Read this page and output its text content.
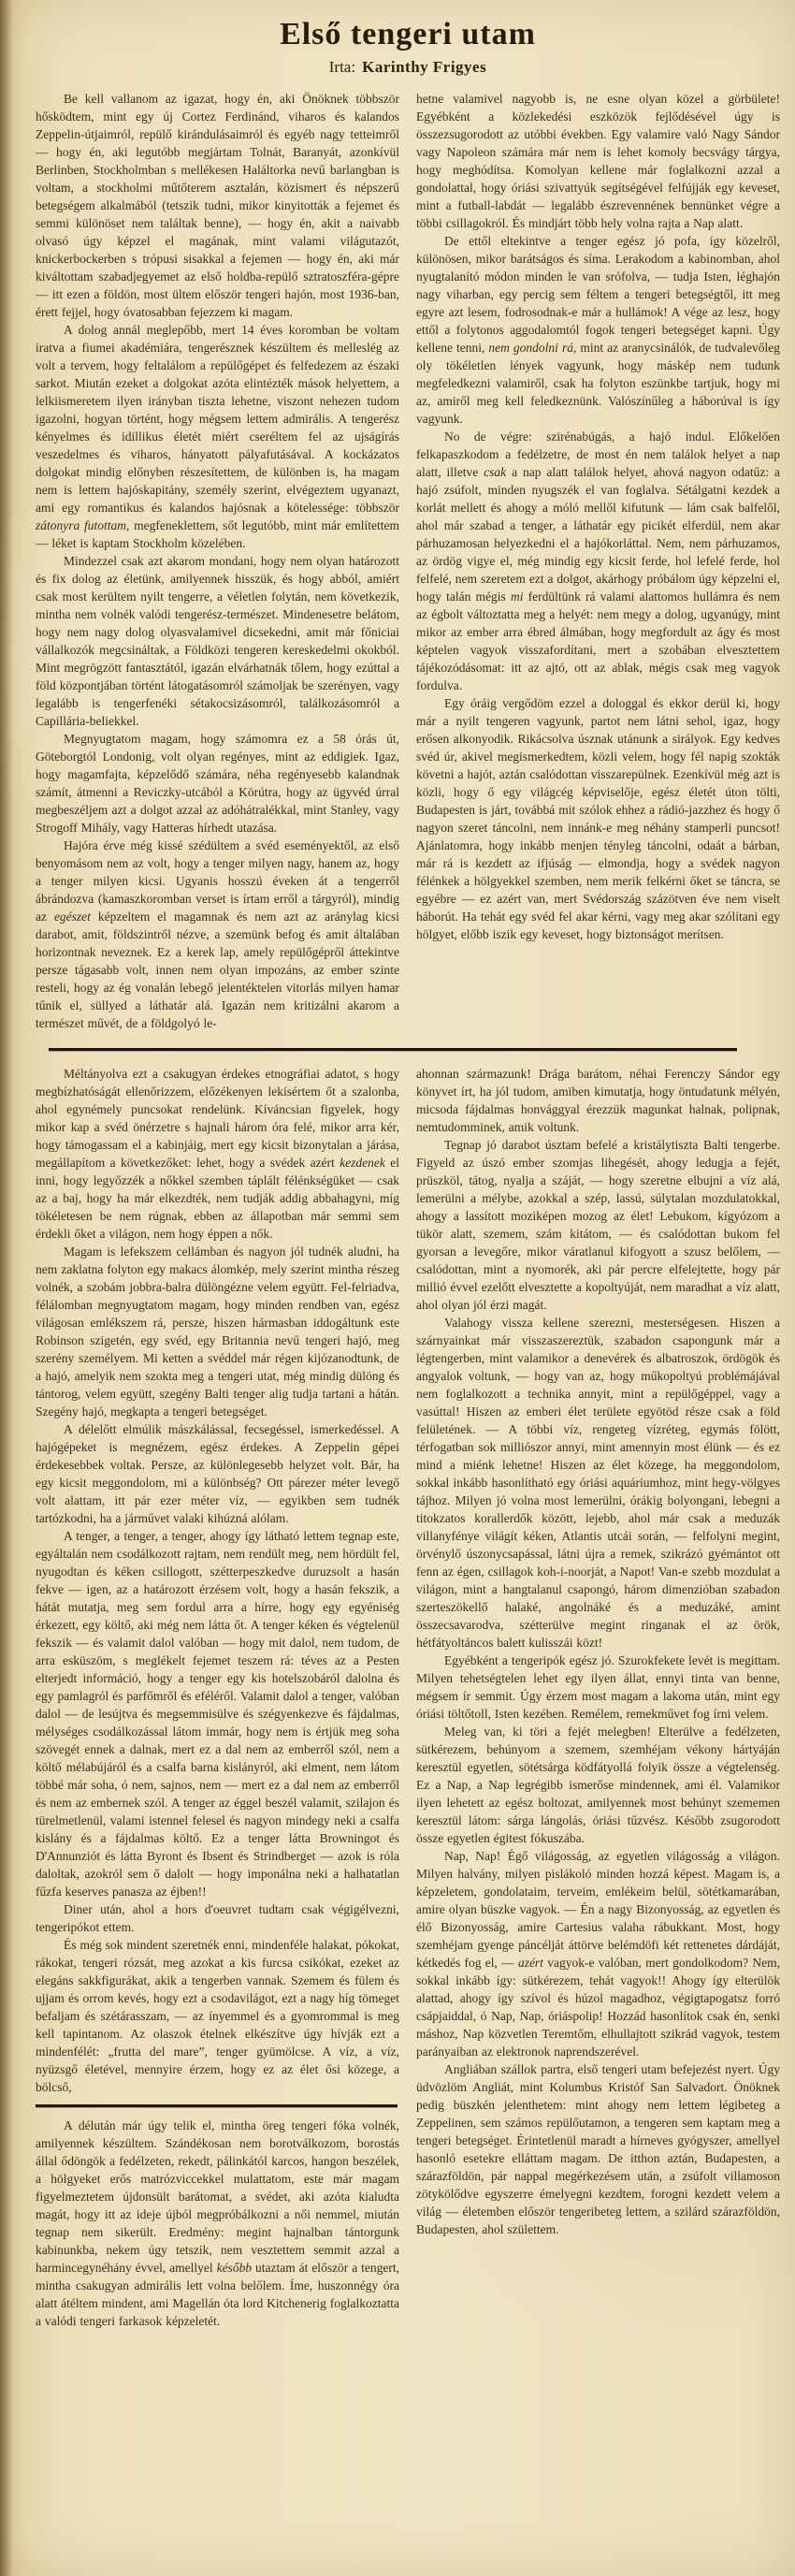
Első tengeri utam

Irta: Karinthy Frigyes

Be kell vallanom az igazat, hogy én, aki Önöknek többször hősködtem, mint egy új Cortez Ferdinánd, viharos és kalandos Zeppelin-útjaimról, repülő kirándulásaimról és egyéb nagy tetteimről — hogy én, aki legutóbb megjártam Tolnát, Baranyát, azonkívül Berlinben, Stockholmban s mellékesen Haláltorka nevű barlangban is voltam, a stockholmi műtőterem asztalán, közismert és népszerű betegségem alkalmából (tetszik tudni, mikor kinyitották a fejemet és semmi különöset nem találtak benne), — hogy én, akit a naivabb olvasó úgy képzel el magának, mint valami világutazót, knickerbockerben s trópusi sisakkal a fejemen — hogy én, aki már kiváltottam szabadjegyemet az első holdba-repülő sztratoszféra-gépre — itt ezen a földön, most ültem először tengeri hajón, most 1936-ban, érett fejjel, hogy óvatosabban fejezzem ki magam.

A dolog annál meglepőbb, mert 14 éves koromban be voltam iratva a fiumei akadémiára, tengerésznek készültem és melleslég az volt a tervem, hogy feltalálom a repülőgépet és felfedezem az északi sarkot. Miután ezeket a dolgokat azóta elintézték mások helyettem, a lelkiismeretem ilyen irányban tiszta lehetne, viszont nehezen tudom igazolni, hogyan történt, hogy mégsem lettem admirális. A tengerész kényelmes és idillikus életét miért cseréltem fel az ujságírás veszedelmes és viharos, hányatott pályafutásával. A kockázatos dolgokat mindig előnyben részesítettem, de különben is, ha magam nem is lettem hajóskapitány, személy szerint, elvégeztem ugyanazt, ami egy romantikus és kalandos hajósnak a kötelessége: többször zátonyra futottam, megfeneklettem, sőt legutóbb, mint már említettem — léket is kaptam Stockholm közelében.

Mindezzel csak azt akarom mondani, hogy nem olyan határozott és fix dolog az életünk, amilyennek hisszük, és hogy abból, amiért csak most kerültem nyilt tengerre, a véletlen folytán, nem következik, mintha nem volnék valódi tengerész-természet. Mindenesetre belátom, hogy nem nagy dolog olyasvalamivel dicsekedni, amit már főniciai vállalkozók megcsináltak, a Földközi tengeren kereskedelmi okokból. Mint megrögzött fantasztától, igazán elvárhatnák tőlem, hogy ezúttal a föld központjában történt látogatásomról számoljak be szerényen, vagy legalább is tengerfenéki sétakocsizásomról, találkozásomról a Capillária-beliekkel.

Megnyugtatom magam, hogy számomra ez a 58 órás út, Göteborgtól Londonig, volt olyan regényes, mint az eddigiek. Igaz, hogy magamfajta, képzelődő számára, néha regényesebb kalandnak számít, átmenni a Reviczky-utcából a Körútra, hogy az ügyvéd úrral megbeszéljem azt a dolgot azzal az adóhátralékkal, mint Stanley, vagy Strogoff Mihály, vagy Hatteras hírhedt utazása.

Hajóra érve még kissé szédültem a svéd eseményektől, az első benyomásom nem az volt, hogy a tenger milyen nagy, hanem az, hogy a tenger milyen kicsi. Ugyanis hosszú éveken át a tengerről ábrándozva (kamaszkoromban verset is írtam erről a tárgyról), mindig az egészet képzeltem el magamnak és nem azt az aránylag kicsi darabot, amit, földszintről nézve, a szemünk befog és amit általában horizontnak neveznek. Ez a kerek lap, amely repülőgépről áttekintve persze tágasabb volt, innen nem olyan impozáns, az ember szinte resteli, hogy az ég vonalán lebegő jelentéktelen vitorlás milyen hamar tűnik el, süllyed a láthatár alá. Igazán nem kritizálni akarom a természet művét, de a földgolyó le-

hetne valamivel nagyobb is, ne esne olyan közel a görbülete! Egyébként a közlekedési eszközök fejlődésével úgy is összezsugorodott az utóbbi években. Egy valamire való Nagy Sándor vagy Napoleon számára már nem is lehet komoly becsvágy tárgya, hogy meghódítsa. Komolyan kellene már foglalkozni azzal a gondolattal, hogy óriási szivattyúk segítségével felfújják egy keveset, mint a futball-labdát — legalább észrevennének bennünket végre a többi csillagokról. És mindjárt több hely volna rajta a Nap alatt.

De ettől eltekintve a tenger egész jó pofa, így közelről, különösen, mikor barátságos és síma. Lerakodom a kabinomban, ahol nyugtalanító módon minden le van srófolva, — tudja Isten, léghajón nagy viharban, egy percig sem féltem a tengeri betegségtől, itt meg egyre azt lesem, fodrosodnak-e már a hullámok! A vége az lesz, hogy ettől a folytonos aggodalomtól fogok tengeri betegséget kapni. Úgy kellene tenni, nem gondolni rá, mint az aranycsinálók, de tudvalevőleg oly tökéletlen lények vagyunk, hogy máskép nem tudunk megfeledkezni valamiről, csak ha folyton eszünkbe tartjuk, hogy mi az, amiről meg kell feledkeznünk. Valószínűleg a háborúval is így vagyunk.

No de végre: szirénabúgás, a hajó indul. Előkelően felkapaszkodom a fedélzetre, de most én nem találok helyet a nap alatt, illetve csak a nap alatt találok helyet, ahová nagyon odatűz: a hajó zsúfolt, minden nyugszék el van foglalva. Sétálgatni kezdek a korlát mellett és ahogy a móló mellől kifutunk — lám csak balfelől, ahol már szabad a tenger, a láthatár egy picikét elferdül, nem akar párhuzamosan helyezkedni el a hajókorláttal. Nem, nem párhuzamos, az ördög vigye el, még mindig egy kicsit ferde, hol lefelé ferde, hol felfelé, nem szeretem ezt a dolgot, akárhogy próbálom úgy képzelni el, hogy talán mégis mi ferdültünk rá valami alattomos hullámra és nem az égbolt változtatta meg a helyét: nem megy a dolog, ugyanúgy, mint mikor az ember arra ébred álmában, hogy megfordult az ágy és most képtelen vagyok visszafordítani, mert a szobában elvesztettem tájékozódásomat: itt az ajtó, ott az ablak, mégis csak meg vagyok fordulva.

Egy óráig vergődöm ezzel a dologgal és ekkor derül ki, hogy már a nyilt tengeren vagyunk, partot nem látni sehol, igaz, hogy erősen alkonyodik. Rikácsolva úsznak utánunk a sirályok. Egy kedves svéd úr, akivel megismerkedtem, közli velem, hogy fél napig szokták követni a hajót, aztán csalódottan visszarepülnek. Ezenkívül még azt is közli, hogy ő egy világcég képviselője, egész életét úton tölti, Budapesten is járt, továbbá mit szólok ehhez a rádió-jazzhez és hogy ő nagyon szeret táncolni, nem innánk-e meg néhány stamperli puncsot! Ajánlatomra, hogy inkább menjen tényleg táncolni, odaát a bárban, már rá is kezdett az ifjúság — elmondja, hogy a svédek nagyon félénkek a hölgyekkel szemben, nem merik felkérni őket se táncra, se egyébre — ez azért van, mert Svédország százötven éve nem viselt háborút. Ha tehát egy svéd fel akar kérni, vagy meg akar szólítani egy hölgyet, előbb iszik egy keveset, hogy biztonságot merítsen.

Méltányolva ezt a csakugyan érdekes etnográfiai adatot, s hogy megbízhatóságát ellenőrizzem, előzékenyen lekísértem őt a szalonba, ahol egynémely puncsokat rendelünk. Kíváncsian figyelek, hogy mikor kap a svéd önérzetre s hajnali három óra felé, mikor arra kér, hogy támogassam el a kabinjáig, mert egy kicsit bizonytalan a járása, megállapítom a következőket: lehet, hogy a svédek azért kezdenek el inni, hogy legyőzzék a nőkkel szemben táplált félénkségüket — csak az a baj, hogy ha már elkezdték, nem tudják addig abbahagyni, míg tökéletesen be nem rúgnak, ebben az állapotban már semmi sem érdekli őket a világon, nem hogy éppen a nők.

Magam is lefekszem cellámban és nagyon jól tudnék aludni, ha nem zaklatna folyton egy makacs álomkép, mely szerint mintha részeg volnék, a szobám jobbra-balra dülöngézne velem együtt. Fel-felriadva, félálomban megnyugtatom magam, hogy minden rendben van, egész világosan emlékszem rá, persze, hiszen hármasban iddogáltunk este Robinson szigetén, egy svéd, egy Britannia nevű tengeri hajó, meg szerény személyem. Mi ketten a svéddel már régen kijózanodtunk, de a hajó, amelyik nem szokta meg a tengeri utat, még mindig dülöng és tántorog, velem együtt, szegény Balti tenger alig tudja tartani a hátán. Szegény hajó, megkapta a tengeri betegséget.

A délelőtt elmúlik mászkálással, fecsegéssel, ismerkedéssel. A hajógépeket is megnézem, egész érdekes. A Zeppelin gépei érdekesebbek voltak. Persze, az különlegesebb helyzet volt. Bár, ha egy kicsit meggondolom, mi a különbség? Ott párezer méter levegő volt alattam, itt pár ezer méter víz, — egyikben sem tudnék tartózkodni, ha a járművet valaki kihúzná alólam.

A tenger, a tenger, a tenger, ahogy így látható lettem tegnap este, egyáltalán nem csodálkozott rajtam, nem rendült meg, nem hördült fel, nyugodtan és kéken csillogott, szétterpeszkedve duruzsolt a hasán fekve — igen, az a határozott érzésem volt, hogy a hasán fekszik, a hátát mutatja, meg sem fordul arra a hírre, hogy egy egyéniség érkezett, egy költő, aki még nem látta őt. A tenger kéken és végtelenül fekszik — és valamit dalol valóban — hogy mit dalol, nem tudom, de arra esküszöm, s meglékelt fejemet teszem rá: téves az a Pesten elterjedt információ, hogy a tenger egy kis hotelszobáról dalolna és egy pamlagról és parfőmről és eféléről. Valamit dalol a tenger, valóban dalol — de lesújtva és megsemmisülve és szégyenkezve és fájdalmas, mélységes csodálkozással látom immár, hogy nem is értjük meg soha szövegét ennek a dalnak, mert ez a dal nem az emberről szól, nem a költő mélabújáról és a csalfa barna kislányról, aki elment, nem látom többé már soha, ó nem, sajnos, nem — mert ez a dal nem az emberről és nem az embernek szól. A tenger az éggel beszél valamit, szilajon és türelmetlenül, valami istennel felesel és nagyon mindegy neki a csalfa kislány és a fájdalmas költő. Ez a tenger látta Browningot és D'Annunziót és látta Byront és Ibsent és Strindberget — azok is róla daloltak, azokról sem ő dalolt — hogy imponálna neki a halhatatlan fűzfa keserves panasza az éjben!!

Diner után, ahol a hors d'oeuvret tudtam csak végigélvezni, tengeripókot ettem.

És még sok mindent szeretnék enni, mindenféle halakat, pókokat, rákokat, tengeri rózsát, meg azokat a kis furcsa csikókat, ezeket az elegáns sakkfigurákat, akik a tengerben vannak. Szemem és fülem és ujjam és orrom kevés, hogy ezt a csodavilágot, ezt a nagy híg tömeget befaljam és szétárasszam, — az ínyemmel és a gyomrommal is meg kell tapintanom. Az olaszok ételnek elkészítve úgy hívják ezt a mindenfélét: „frutta del mare”, tenger gyümölcse. A víz, a víz, nyüzsgő életével, mennyire érzem, hogy ez az élet ősi közege, a bölcső,

A délután már úgy telik el, mintha öreg tengeri fóka volnék, amilyennek készültem. Szándékosan nem borotválkozom, borostás állal ődöngök a fedélzeten, rekedt, pálinkától karcos, hangon beszélek, a hölgyeket erős matrózviccekkel mulattatom, este már magam figyelmeztetem újdonsült barátomat, a svédet, aki azóta kialudta magát, hogy itt az ideje újból megpróbálkozni a női nemmel, miután tegnap nem sikerült. Eredmény: megint hajnalban tántorgunk kabinunkba, nekem úgy tetszik, nem vesztettem semmit azzal a harmincegynéhány évvel, amellyel később utaztam át először a tengert, mintha csakugyan admirális lett volna belőlem. Íme, huszonnégy óra alatt átéltem mindent, ami Magellán óta lord Kitchenerig foglalkoztatta a valódi tengeri farkasok képzeletét.

ahonnan származunk! Drága barátom, néhai Ferenczy Sándor egy könyvet írt, ha jól tudom, amiben kimutatja, hogy öntudatunk mélyén, micsoda fájdalmas honvággyal érezzük magunkat halnak, polipnak, nemtudomminek, amik voltunk.

Tegnap jó darabot úsztam befelé a kristálytiszta Balti tengerbe. Figyeld az úszó ember szomjas lihegését, ahogy ledugja a fejét, prüszköl, tátog, nyalja a száját, — hogy szeretne elbujni a víz alá, lemerülni a mélybe, azokkal a szép, lassú, súlytalan mozdulatokkal, ahogy a lassított moziképen mozog az élet! Lebukom, kígyózom a tükör alatt, szemem, szám kitátom, — és csalódottan bukom fel gyorsan a levegőre, mikor váratlanul kifogyott a szusz belőlem, — csalódottan, mint a nyomorék, aki pár percre elfelejtette, hogy pár millió évvel ezelőtt elvesztette a kopoltyúját, nem maradhat a víz alatt, ahol olyan jól érzi magát.

Valahogy vissza kellene szerezni, mesterségesen. Hiszen a szárnyainkat már visszaszereztük, szabadon csapongunk már a légtengerben, mint valamikor a denevérek és albatroszok, ördögök és angyalok voltunk, — hogy van az, hogy műkopoltyú problémájával nem foglalkozott a technika annyit, mint a repülőgéppel, vagy a vasúttal! Hiszen az emberi élet területe egyötöd része csak a föld felületének. — A többi víz, rengeteg vízréteg, egymás fölött, térfogatban sok milliószor annyi, mint amennyin most élünk — és ez mind a miénk lehetne! Hiszen az élet közege, ha meggondolom, sokkal inkább hasonlítható egy óriási aquáriumhoz, mint hegy-völgyes tájhoz. Milyen jó volna most lemerülni, órákig bolyongani, lebegni a titokzatos korallerdők között, lejebb, ahol már csak a meduzák villanyfénye világít kéken, Atlantis utcái során, — felfolyni megint, örvénylő úszonycsapással, látni újra a remek, szikrázó gyémántot ott fenn az égen, csillagok koh-i-noorját, a Napot! Van-e szebb mozdulat a világon, mint a hangtalanul csapongó, három dimenzióban szabadon szerteszökellő halaké, angolnáké és a meduzáké, amint összecsavarodva, szétterülve megint ringanak el az örök, hétfátyoltáncos balett kulisszái közt!

Egyébként a tengeripók egész jó. Szurokfekete levét is megittam. Milyen tehetségtelen lehet egy ilyen állat, ennyi tinta van benne, mégsem ír semmit. Úgy érzem most magam a lakoma után, mint egy óriási töltőtoll, Isten kezében. Remélem, remekművet fog írni velem.

Meleg van, ki töri a fejét melegben! Elterülve a fedélzeten, sütkérezem, behúnyom a szemem, szemhéjam vékony hártyáján keresztül egyetlen, sötétsárga ködfátyollá folyik össze a végtelenség. Ez a Nap, a Nap legrégibb ismerőse mindennek, ami él. Valamikor ilyen lehetett az egész boltozat, amilyennek most behúnyt szememen keresztül látom: sárga lángolás, óriási tűzvész. Később zsugorodott össze egyetlen égitest fókuszába.

Nap, Nap! Égő világosság, az egyetlen világosság a világon. Milyen halvány, milyen pislákoló minden hozzá képest. Magam is, a képzeletem, gondolataim, terveim, emlékeim belül, sötétkamarában, amire olyan büszke vagyok. — Én a nagy Bizonyosság, az egyetlen és élő Bizonyosság, amire Cartesius valaha rábukkant. Most, hogy szemhéjam gyenge páncélját áttörve belémdöfi két rettenetes dárdáját, kétkedés fog el, — azért vagyok-e valóban, mert gondolkodom? Nem, sokkal inkább így: sütkérezem, tehát vagyok!! Ahogy így elterülök alattad, ahogy így szívol és húzol magadhoz, végigtapogatsz forró csápjaiddal, ó Nap, Nap, óriáspolip! Hozzád hasonlítok csak én, senki máshoz, Nap közvetlen Teremtőm, elhullajtott szikrád vagyok, testem parányaiban az elektronok naprendszerével.

Angliában szállok partra, első tengeri utam befejezést nyert. Úgy üdvözlöm Angliát, mint Kolumbus Kristóf San Salvadort. Önöknek pedig büszkén jelenthetem: mint ahogy nem lettem légibeteg a Zeppelinen, sem számos repülőutamon, a tengeren sem kaptam meg a tengeri betegséget. Érintetlenül maradt a hírneves gyógyszer, amellyel hasonló esetekre elláttam magam. De itthon aztán, Budapesten, a szárazföldön, pár nappal megérkezésem után, a zsúfolt villamoson zötykölődve egyszerre émelyegni kezdtem, forogni kezdett velem a világ — életemben először tengeribeteg lettem, a szilárd szárazföldön, Budapesten, ahol születtem.
